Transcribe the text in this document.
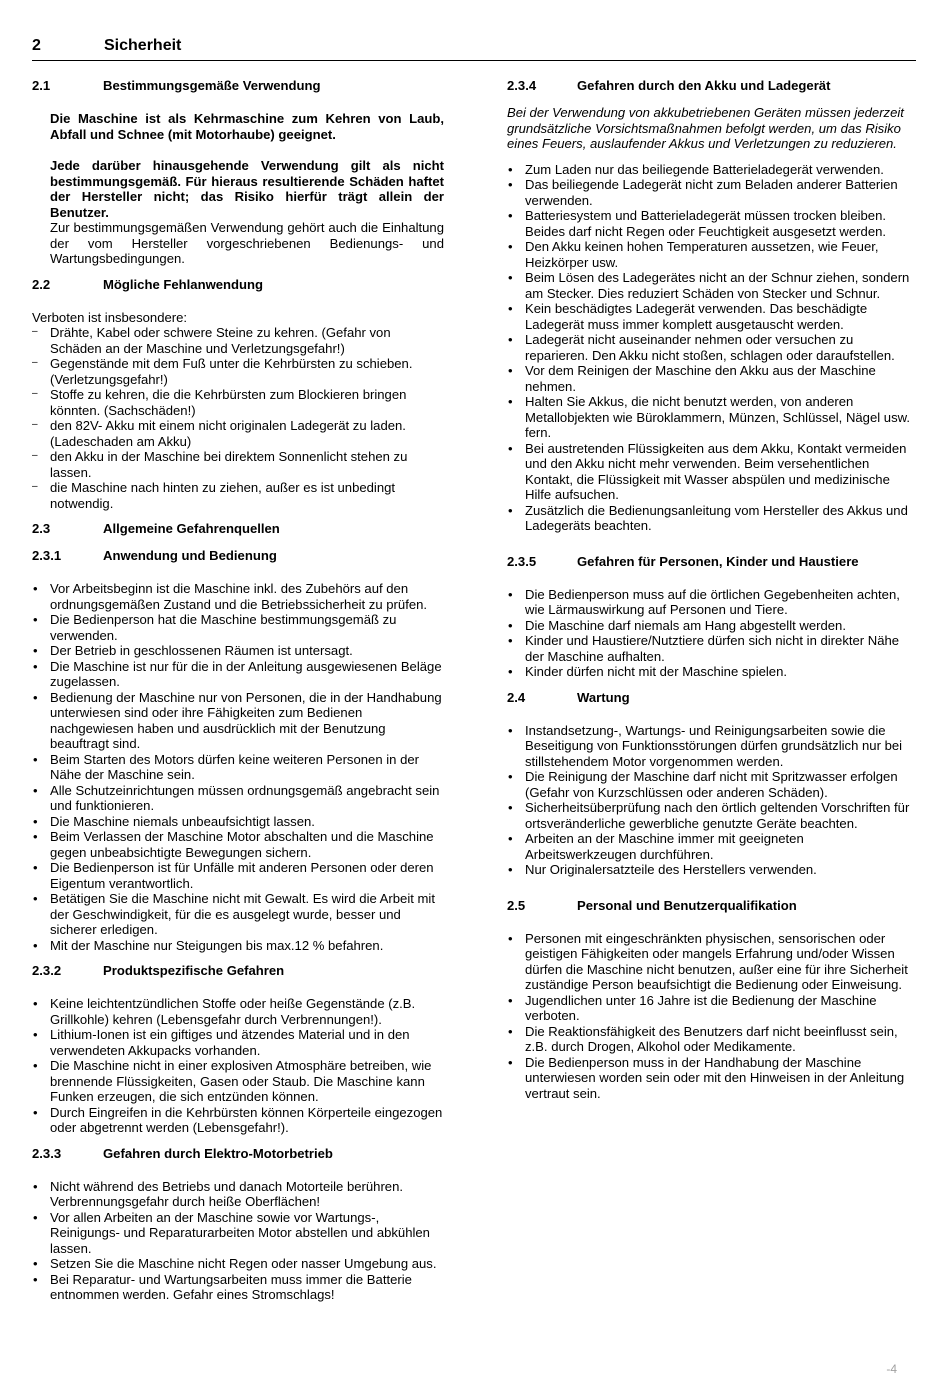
2	Sicherheit
2.1	Bestimmungsgemäße Verwendung
Die Maschine ist als Kehrmaschine zum Kehren von Laub, Abfall und Schnee (mit Motorhaube) geeignet.
Jede darüber hinausgehende Verwendung gilt als nicht bestimmungsgemäß. Für hieraus resultierende Schäden haftet der Hersteller nicht; das Risiko hierfür trägt allein der Benutzer.
Zur bestimmungsgemäßen Verwendung gehört auch die Einhaltung der vom Hersteller vorgeschriebenen Bedienungs- und Wartungsbedingungen.
2.2	Mögliche Fehlanwendung
Verboten ist insbesondere:
– Drähte, Kabel oder schwere Steine zu kehren. (Gefahr von Schäden an der Maschine und Verletzungsgefahr!)
– Gegenstände mit dem Fuß unter die Kehrbürsten zu schieben. (Verletzungsgefahr!)
– Stoffe zu kehren, die die Kehrbürsten zum Blockieren bringen könnten. (Sachschäden!)
– den 82V- Akku mit einem nicht originalen Ladegerät zu laden. (Ladeschaden am Akku)
– den Akku in der Maschine bei direktem Sonnenlicht stehen zu lassen.
– die Maschine nach hinten zu ziehen, außer es ist unbedingt notwendig.
2.3	Allgemeine Gefahrenquellen
2.3.1	Anwendung und Bedienung
• Vor Arbeitsbeginn ist die Maschine inkl. des Zubehörs auf den ordnungsgemäßen Zustand und die Betriebssicherheit zu prüfen.
• Die Bedienperson hat die Maschine bestimmungsgemäß zu verwenden.
• Der Betrieb in geschlossenen Räumen ist untersagt.
• Die Maschine ist nur für die in der Anleitung ausgewiesenen Beläge zugelassen.
• Bedienung der Maschine nur von Personen, die in der Handhabung unterwiesen sind oder ihre Fähigkeiten zum Bedienen nachgewiesen haben und ausdrücklich mit der Benutzung beauftragt sind.
• Beim Starten des Motors dürfen keine weiteren Personen in der Nähe der Maschine sein.
• Alle Schutzeinrichtungen müssen ordnungsgemäß angebracht sein und funktionieren.
• Die Maschine niemals unbeaufsichtigt lassen.
• Beim Verlassen der Maschine Motor abschalten und die Maschine gegen unbeabsichtigte Bewegungen sichern.
• Die Bedienperson ist für Unfälle mit anderen Personen oder deren Eigentum verantwortlich.
• Betätigen Sie die Maschine nicht mit Gewalt. Es wird die Arbeit mit der Geschwindigkeit, für die es ausgelegt wurde, besser und sicherer erledigen.
• Mit der Maschine nur Steigungen bis max.12 % befahren.
2.3.2	Produktspezifische Gefahren
• Keine leichtentzündlichen Stoffe oder heiße Gegenstände (z.B. Grillkohle) kehren (Lebensgefahr durch Verbrennungen!).
• Lithium-Ionen ist ein giftiges und ätzendes Material und in den verwendeten Akkupacks vorhanden.
• Die Maschine nicht in einer explosiven Atmosphäre betreiben, wie brennende Flüssigkeiten, Gasen oder Staub. Die Maschine kann Funken erzeugen, die sich entzünden können.
• Durch Eingreifen in die Kehrbürsten können Körperteile eingezogen oder abgetrennt werden (Lebensgefahr!).
2.3.3	Gefahren durch Elektro-Motorbetrieb
• Nicht während des Betriebs und danach Motorteile berühren. Verbrennungsgefahr durch heiße Oberflächen!
• Vor allen Arbeiten an der Maschine sowie vor Wartungs-, Reinigungs- und Reparaturarbeiten Motor abstellen und abkühlen lassen.
• Setzen Sie die Maschine nicht Regen oder nasser Umgebung aus.
• Bei Reparatur- und Wartungsarbeiten muss immer die Batterie entnommen werden. Gefahr eines Stromschlags!
2.3.4	Gefahren durch den Akku und Ladegerät
Bei der Verwendung von akkubetriebenen Geräten müssen jederzeit grundsätzliche Vorsichtsmaßnahmen befolgt werden, um das Risiko eines Feuers, auslaufender Akkus und Verletzungen zu reduzieren.
• Zum Laden nur das beiliegende Batterieladegerät verwenden.
• Das beiliegende Ladegerät nicht zum Beladen anderer Batterien verwenden.
• Batteriesystem und Batterieladegerät müssen trocken bleiben. Beides darf nicht Regen oder Feuchtigkeit ausgesetzt werden.
• Den Akku keinen hohen Temperaturen aussetzen, wie Feuer, Heizkörper usw.
• Beim Lösen des Ladegerätes nicht an der Schnur ziehen, sondern am Stecker. Dies reduziert Schäden von Stecker und Schnur.
• Kein beschädigtes Ladegerät verwenden. Das beschädigte Ladegerät muss immer komplett ausgetauscht werden.
• Ladegerät nicht auseinander nehmen oder versuchen zu reparieren. Den Akku nicht stoßen, schlagen oder daraufstellen.
• Vor dem Reinigen der Maschine den Akku aus der Maschine nehmen.
• Halten Sie Akkus, die nicht benutzt werden, von anderen Metallobjekten wie Büroklammern, Münzen, Schlüssel, Nägel usw. fern.
• Bei austretenden Flüssigkeiten aus dem Akku, Kontakt vermeiden und den Akku nicht mehr verwenden. Beim versehentlichen Kontakt, die Flüssigkeit mit Wasser abspülen und medizinische Hilfe aufsuchen.
• Zusätzlich die Bedienungsanleitung vom Hersteller des Akkus und Ladegeräts beachten.
2.3.5	Gefahren für Personen, Kinder und Haustiere
• Die Bedienperson muss auf die örtlichen Gegebenheiten achten, wie Lärmauswirkung auf Personen und Tiere.
• Die Maschine darf niemals am Hang abgestellt werden.
• Kinder und Haustiere/Nutztiere dürfen sich nicht in direkter Nähe der Maschine aufhalten.
• Kinder dürfen nicht mit der Maschine spielen.
2.4	Wartung
• Instandsetzung-, Wartungs- und Reinigungsarbeiten sowie die Beseitigung von Funktionsstörungen dürfen grundsätzlich nur bei stillstehendem Motor vorgenommen werden.
• Die Reinigung der Maschine darf nicht mit Spritzwasser erfolgen (Gefahr von Kurzschlüssen oder anderen Schäden).
• Sicherheitsüberprüfung nach den örtlich geltenden Vorschriften für ortsveränderliche gewerbliche genutzte Geräte beachten.
• Arbeiten an der Maschine immer mit geeigneten Arbeitswerkzeugen durchführen.
• Nur Originalersatzteile des Herstellers verwenden.
2.5	Personal und Benutzerqualifikation
• Personen mit eingeschränkten physischen, sensorischen oder geistigen Fähigkeiten oder mangels Erfahrung und/oder Wissen dürfen die Maschine nicht benutzen, außer eine für ihre Sicherheit zuständige Person beaufsichtigt die Bedienung oder Einweisung.
• Jugendlichen unter 16 Jahre ist die Bedienung der Maschine verboten.
• Die Reaktionsfähigkeit des Benutzers darf nicht beeinflusst sein, z.B. durch Drogen, Alkohol oder Medikamente.
• Die Bedienperson muss in der Handhabung der Maschine unterwiesen worden sein oder mit den Hinweisen in der Anleitung vertraut sein.
-4
